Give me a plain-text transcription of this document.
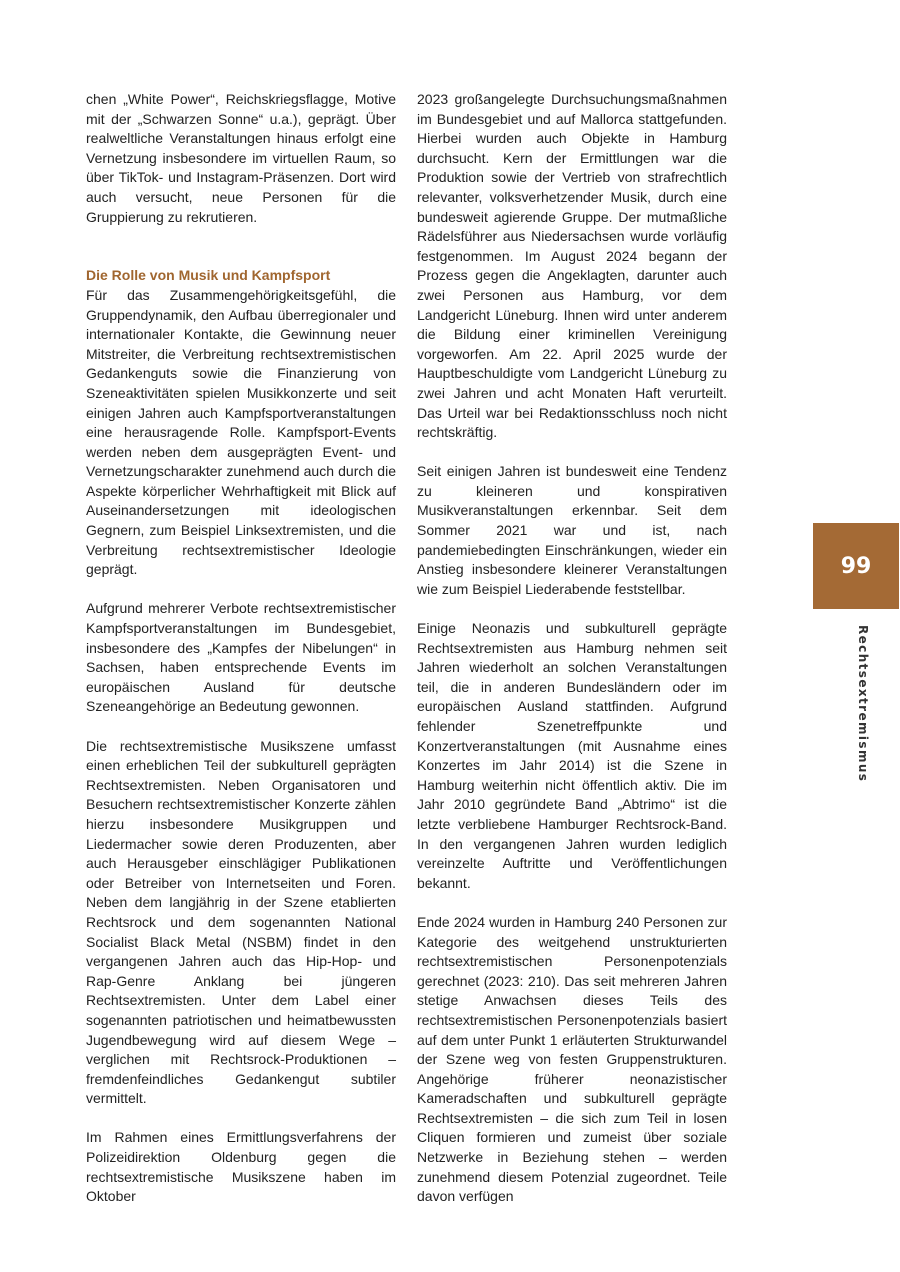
chen „White Power“, Reichskriegsflagge, Motive mit der „Schwarzen Sonne“ u.a.), geprägt. Über realweltliche Veranstaltungen hinaus erfolgt eine Vernetzung insbesondere im virtuellen Raum, so über TikTok- und Instagram-Präsenzen. Dort wird auch versucht, neue Personen für die Gruppierung zu rekrutieren.

Die Rolle von Musik und Kampfsport

Für das Zusammengehörigkeitsgefühl, die Gruppendynamik, den Aufbau überregionaler und internationaler Kontakte, die Gewinnung neuer Mitstreiter, die Verbreitung rechtsextremistischen Gedankenguts sowie die Finanzierung von Szeneaktivitäten spielen Musikkonzerte und seit einigen Jahren auch Kampfsportveranstaltungen eine herausragende Rolle. Kampfsport-Events werden neben dem ausgeprägten Event- und Vernetzungscharakter zunehmend auch durch die Aspekte körperlicher Wehrhaftigkeit mit Blick auf Auseinandersetzungen mit ideologischen Gegnern, zum Beispiel Linksextremisten, und die Verbreitung rechtsextremistischer Ideologie geprägt.

Aufgrund mehrerer Verbote rechtsextremistischer Kampfsportveranstaltungen im Bundesgebiet, insbesondere des „Kampfes der Nibelungen“ in Sachsen, haben entsprechende Events im europäischen Ausland für deutsche Szeneangehörige an Bedeutung gewonnen.

Die rechtsextremistische Musikszene umfasst einen erheblichen Teil der subkulturell geprägten Rechtsextremisten. Neben Organisatoren und Besuchern rechtsextremistischer Konzerte zählen hierzu insbesondere Musikgruppen und Liedermacher sowie deren Produzenten, aber auch Herausgeber einschlägiger Publikationen oder Betreiber von Internetseiten und Foren. Neben dem langjährig in der Szene etablierten Rechtsrock und dem sogenannten National Socialist Black Metal (NSBM) findet in den vergangenen Jahren auch das Hip-Hop- und Rap-Genre Anklang bei jüngeren Rechtsextremisten. Unter dem Label einer sogenannten patriotischen und heimatbewussten Jugendbewegung wird auf diesem Wege – verglichen mit Rechtsrock-Produktionen – fremdenfeindliches Gedankengut subtiler vermittelt.

Im Rahmen eines Ermittlungsverfahrens der Polizeidirektion Oldenburg gegen die rechtsextremistische Musikszene haben im Oktober

2023 großangelegte Durchsuchungsmaßnahmen im Bundesgebiet und auf Mallorca stattgefunden. Hierbei wurden auch Objekte in Hamburg durchsucht. Kern der Ermittlungen war die Produktion sowie der Vertrieb von strafrechtlich relevanter, volksverhetzender Musik, durch eine bundesweit agierende Gruppe. Der mutmaßliche Rädelsführer aus Niedersachsen wurde vorläufig festgenommen. Im August 2024 begann der Prozess gegen die Angeklagten, darunter auch zwei Personen aus Hamburg, vor dem Landgericht Lüneburg. Ihnen wird unter anderem die Bildung einer kriminellen Vereinigung vorgeworfen. Am 22. April 2025 wurde der Hauptbeschuldigte vom Landgericht Lüneburg zu zwei Jahren und acht Monaten Haft verurteilt. Das Urteil war bei Redaktionsschluss noch nicht rechtskräftig.

Seit einigen Jahren ist bundesweit eine Tendenz zu kleineren und konspirativen Musikveranstaltungen erkennbar. Seit dem Sommer 2021 war und ist, nach pandemiebedingten Einschränkungen, wieder ein Anstieg insbesondere kleinerer Veranstaltungen wie zum Beispiel Liederabende feststellbar.

Einige Neonazis und subkulturell geprägte Rechtsextremisten aus Hamburg nehmen seit Jahren wiederholt an solchen Veranstaltungen teil, die in anderen Bundesländern oder im europäischen Ausland stattfinden. Aufgrund fehlender Szenetreffpunkte und Konzertveranstaltungen (mit Ausnahme eines Konzertes im Jahr 2014) ist die Szene in Hamburg weiterhin nicht öffentlich aktiv. Die im Jahr 2010 gegründete Band „Abtrimo“ ist die letzte verbliebene Hamburger Rechtsrock-Band. In den vergangenen Jahren wurden lediglich vereinzelte Auftritte und Veröffentlichungen bekannt.

Ende 2024 wurden in Hamburg 240 Personen zur Kategorie des weitgehend unstrukturierten rechtsextremistischen Personenpotenzials gerechnet (2023: 210). Das seit mehreren Jahren stetige Anwachsen dieses Teils des rechtsextremistischen Personenpotenzials basiert auf dem unter Punkt 1 erläuterten Strukturwandel der Szene weg von festen Gruppenstrukturen. Angehörige früherer neonazistischer Kameradschaften und subkulturell geprägte Rechtsextremisten – die sich zum Teil in losen Cliquen formieren und zumeist über soziale Netzwerke in Beziehung stehen – werden zunehmend diesem Potenzial zugeordnet. Teile davon verfügen

99
Rechtsextremismus
